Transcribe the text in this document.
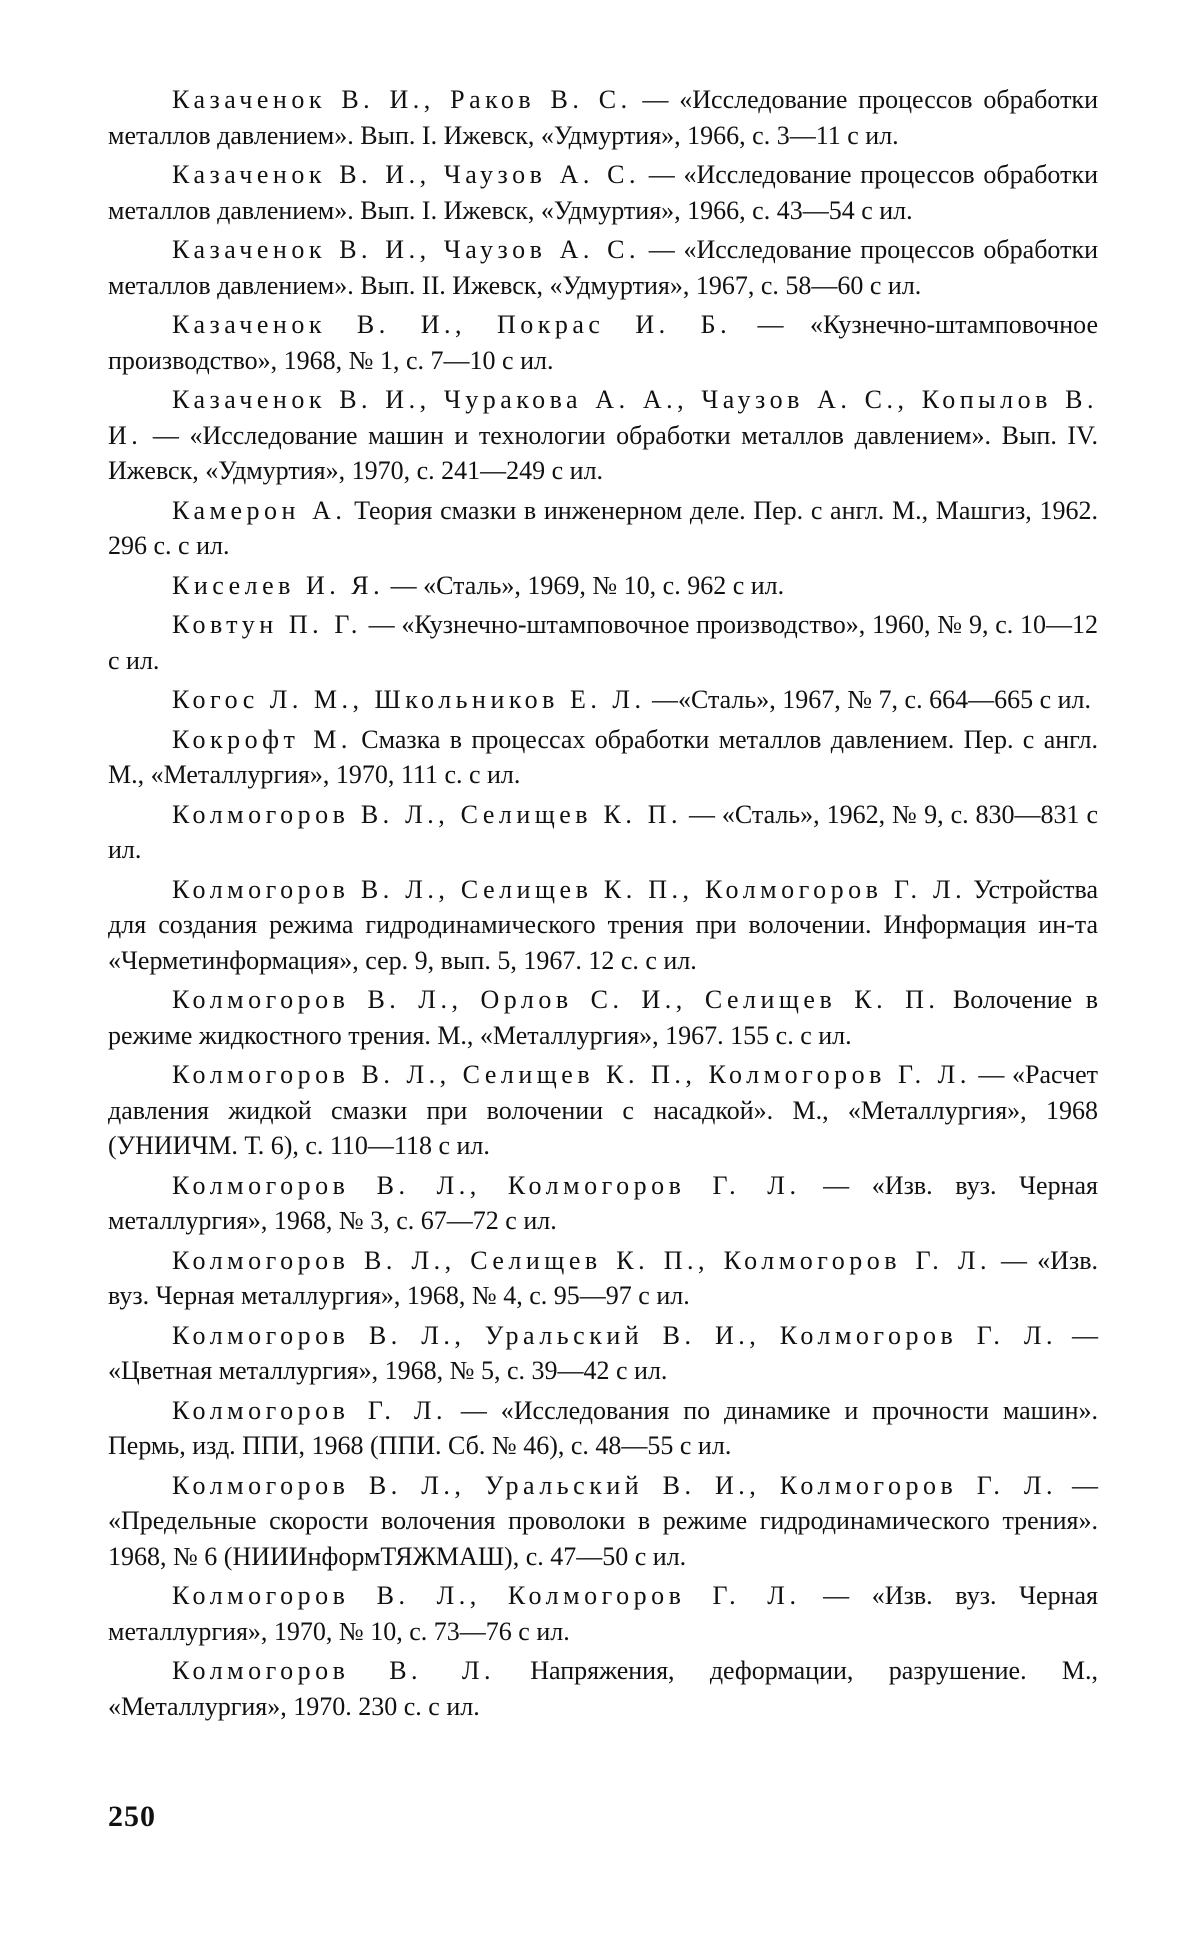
Казаченок В. И., Раков В. С. — «Исследование процессов обработки металлов давлением». Вып. I. Ижевск, «Удмуртия», 1966, с. 3—11 с ил.

Казаченок В. И., Чаузов А. С. — «Исследование процессов обработки металлов давлением». Вып. I. Ижевск, «Удмуртия», 1966, с. 43—54 с ил.

Казаченок В. И., Чаузов А. С. — «Исследование процессов обработки металлов давлением». Вып. II. Ижевск, «Удмуртия», 1967, с. 58—60 с ил.

Казаченок В. И., Покрас И. Б. — «Кузнечно-штамповочное производство», 1968, № 1, с. 7—10 с ил.

Казаченок В. И., Чуракова А. А., Чаузов А. С., Копылов В. И. — «Исследование машин и технологии обработки металлов давлением». Вып. IV. Ижевск, «Удмуртия», 1970, с. 241—249 с ил.

Камерон А. Теория смазки в инженерном деле. Пер. с англ. М., Машгиз, 1962. 296 с. с ил.

Киселев И. Я. — «Сталь», 1969, № 10, с. 962 с ил.

Ковтун П. Г. — «Кузнечно-штамповочное производство», 1960, № 9, с. 10—12 с ил.

Когос Л. М., Школьников Е. Л. —«Сталь», 1967, № 7, с. 664—665 с ил.

Кокрофт М. Смазка в процессах обработки металлов давлением. Пер. с англ. М., «Металлургия», 1970, 111 с. с ил.

Колмогоров В. Л., Селищев К. П. — «Сталь», 1962, № 9, с. 830—831 с ил.

Колмогоров В. Л., Селищев К. П., Колмогоров Г. Л. Устройства для создания режима гидродинамического трения при волочении. Информация ин-та «Черметинформация», сер. 9, вып. 5, 1967. 12 с. с ил.

Колмогоров В. Л., Орлов С. И., Селищев К. П. Волочение в режиме жидкостного трения. М., «Металлургия», 1967. 155 с. с ил.

Колмогоров В. Л., Селищев К. П., Колмогоров Г. Л. — «Расчет давления жидкой смазки при волочении с насадкой». М., «Металлургия», 1968 (УНИИЧМ. Т. 6), с. 110—118 с ил.

Колмогоров В. Л., Колмогоров Г. Л. — «Изв. вуз. Черная металлургия», 1968, № 3, с. 67—72 с ил.

Колмогоров В. Л., Селищев К. П., Колмогоров Г. Л. — «Изв. вуз. Черная металлургия», 1968, № 4, с. 95—97 с ил.

Колмогоров В. Л., Уральский В. И., Колмогоров Г. Л. — «Цветная металлургия», 1968, № 5, с. 39—42 с ил.

Колмогоров Г. Л. — «Исследования по динамике и прочности машин». Пермь, изд. ППИ, 1968 (ППИ. Сб. № 46), с. 48—55 с ил.

Колмогоров В. Л., Уральский В. И., Колмогоров Г. Л. — «Предельные скорости волочения проволоки в режиме гидродинамического трения». 1968, № 6 (НИИИнформТЯЖМАШ), с. 47—50 с ил.

Колмогоров В. Л., Колмогоров Г. Л. — «Изв. вуз. Черная металлургия», 1970, № 10, с. 73—76 с ил.

Колмогоров В. Л. Напряжения, деформации, разрушение. М., «Металлургия», 1970. 230 с. с ил.

250
